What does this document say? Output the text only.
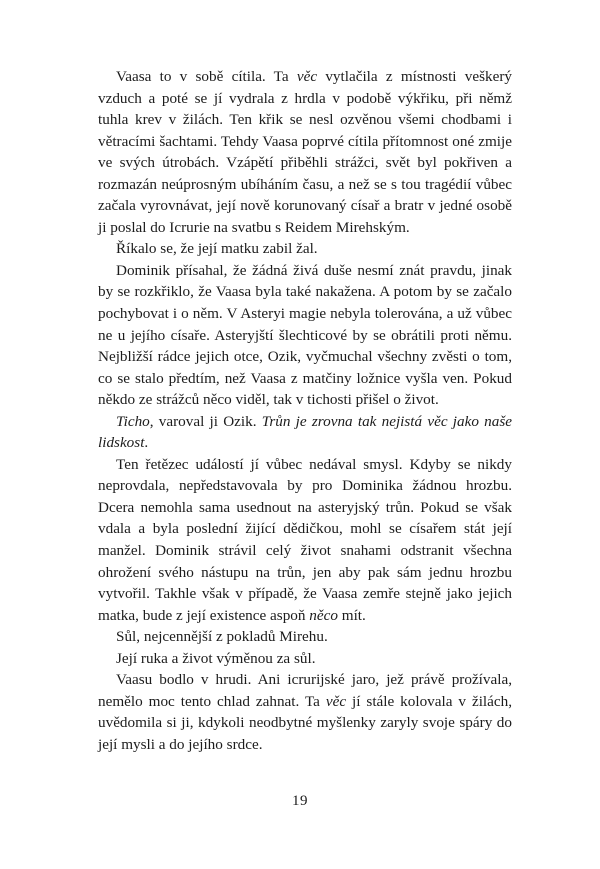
Vaasa to v sobě cítila. Ta věc vytlačila z místnosti veškerý vzduch a poté se jí vydrala z hrdla v podobě výkřiku, při němž tuhla krev v žilách. Ten křik se nesl ozvěnou všemi chodbami i větracími šachtami. Tehdy Vaasa poprvé cítila přítomnost oné zmije ve svých útrobách. Vzápětí přiběhli strážci, svět byl pokřiven a rozmazán neúprosným ubíháním času, a než se s tou tragédií vůbec začala vyrovnávat, její nově korunovaný císař a bratr v jedné osobě ji poslal do Icrurie na svatbu s Reidem Mirehským.

Říkalo se, že její matku zabil žal.

Dominik přísahal, že žádná živá duše nesmí znát pravdu, jinak by se rozkřiklo, že Vaasa byla také nakažena. A potom by se začalo pochybovat i o něm. V Asteryi magie nebyla tolerována, a už vůbec ne u jejího císaře. Asteryjští šlechticové by se obrátili proti němu. Nejbližší rádce jejich otce, Ozik, vyčmuchal všechny zvěsti o tom, co se stalo předtím, než Vaasa z matčiny ložnice vyšla ven. Pokud někdo ze strážců něco viděl, tak v tichosti přišel o život.

Ticho, varoval ji Ozik. Trůn je zrovna tak nejistá věc jako naše lidskost.

Ten řetězec událostí jí vůbec nedával smysl. Kdyby se nikdy neprovdala, nepředstavovala by pro Dominika žádnou hrozbu. Dcera nemohla sama usednout na asteryjský trůn. Pokud se však vdala a byla poslední žijící dědičkou, mohl se císařem stát její manžel. Dominik strávil celý život snahami odstranit všechna ohrožení svého nástupu na trůn, jen aby pak sám jednu hrozbu vytvořil. Takhle však v případě, že Vaasa zemře stejně jako jejich matka, bude z její existence aspoň něco mít.

Sůl, nejcennější z pokladů Mirehu.

Její ruka a život výměnou za sůl.

Vaasu bodlo v hrudi. Ani icrurijské jaro, jež právě prožívala, nemělo moc tento chlad zahnat. Ta věc jí stále kolovala v žilách, uvědomila si ji, kdykoli neodbytné myšlenky zaryly svoje spáry do její mysli a do jejího srdce.

19
